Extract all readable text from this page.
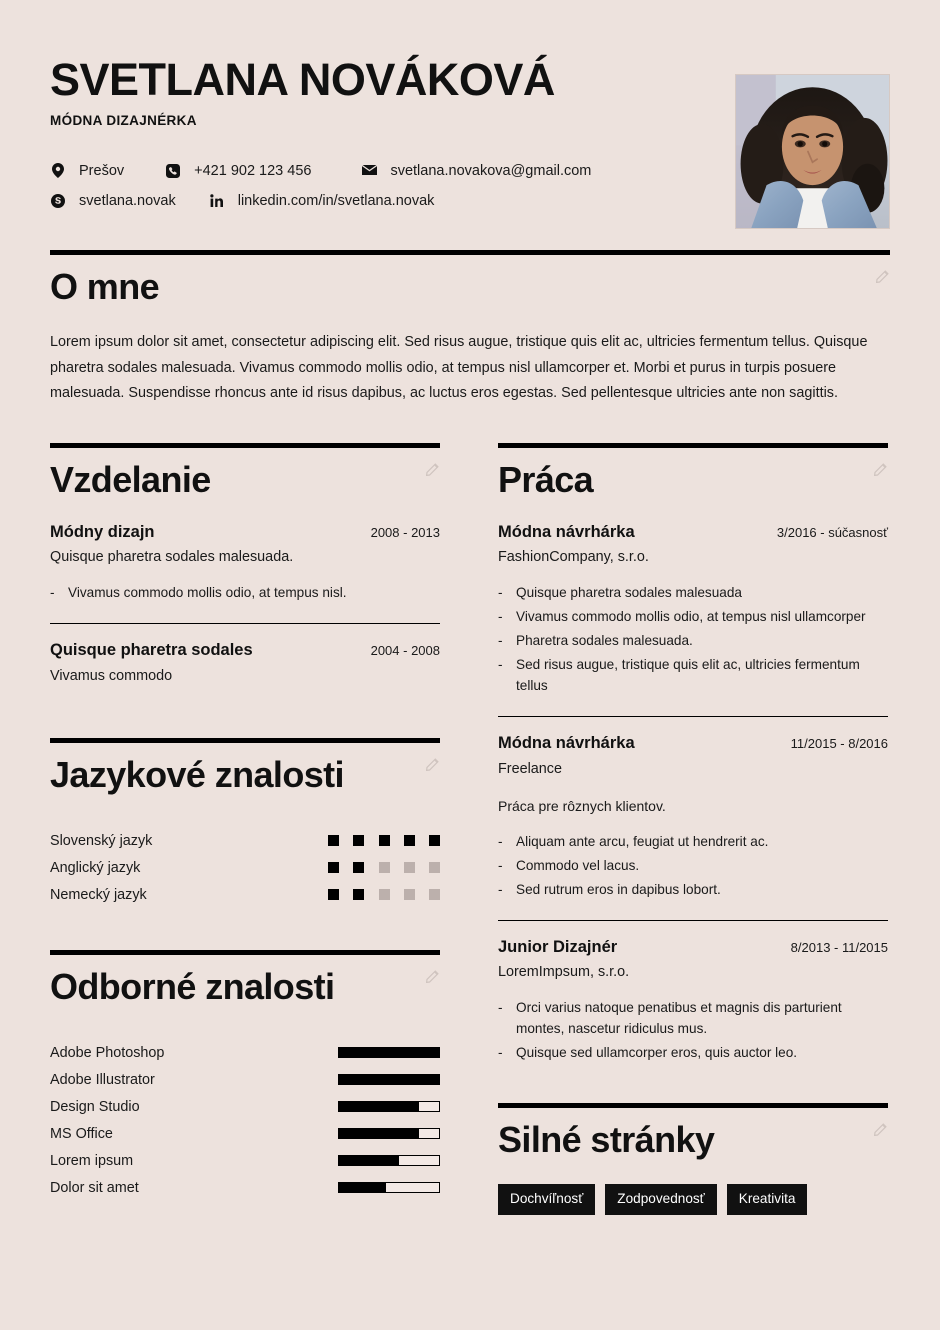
SVETLANA NOVÁKOVÁ
MÓDNA DIZAJNÉRKA
Prešov	+421 902 123 456	svetlana.novakova@gmail.com
svetlana.novak	linkedin.com/in/svetlana.novak
O mne
Lorem ipsum dolor sit amet, consectetur adipiscing elit. Sed risus augue, tristique quis elit ac, ultricies fermentum tellus. Quisque pharetra sodales malesuada. Vivamus commodo mollis odio, at tempus nisl ullamcorper et. Morbi et purus in turpis posuere malesuada. Suspendisse rhoncus ante id risus dapibus, ac luctus eros egestas. Sed pellentesque ultricies ante non sagittis.
Vzdelanie
Módny dizajn	2008 - 2013
Quisque pharetra sodales malesuada.
- Vivamus commodo mollis odio, at tempus nisl.
Quisque pharetra sodales	2004 - 2008
Vivamus commodo
Jazykové znalosti
Slovenský jazyk
Anglický jazyk
Nemecký jazyk
Odborné znalosti
Adobe Photoshop
Adobe Illustrator
Design Studio
MS Office
Lorem ipsum
Dolor sit amet
Práca
Módna návrhárka	3/2016 - súčasnosť
FashionCompany, s.r.o.
- Quisque pharetra sodales malesuada
- Vivamus commodo mollis odio, at tempus nisl ullamcorper
- Pharetra sodales malesuada.
- Sed risus augue, tristique quis elit ac, ultricies fermentum tellus
Módna návrhárka	11/2015 - 8/2016
Freelance
Práca pre rôznych klientov.
- Aliquam ante arcu, feugiat ut hendrerit ac.
- Commodo vel lacus.
- Sed rutrum eros in dapibus lobort.
Junior Dizajnér	8/2013 - 11/2015
LoremImpsum, s.r.o.
- Orci varius natoque penatibus et magnis dis parturient montes, nascetur ridiculus mus.
- Quisque sed ullamcorper eros, quis auctor leo.
Silné stránky
Dochvíľnosť	Zodpovednosť	Kreativita
